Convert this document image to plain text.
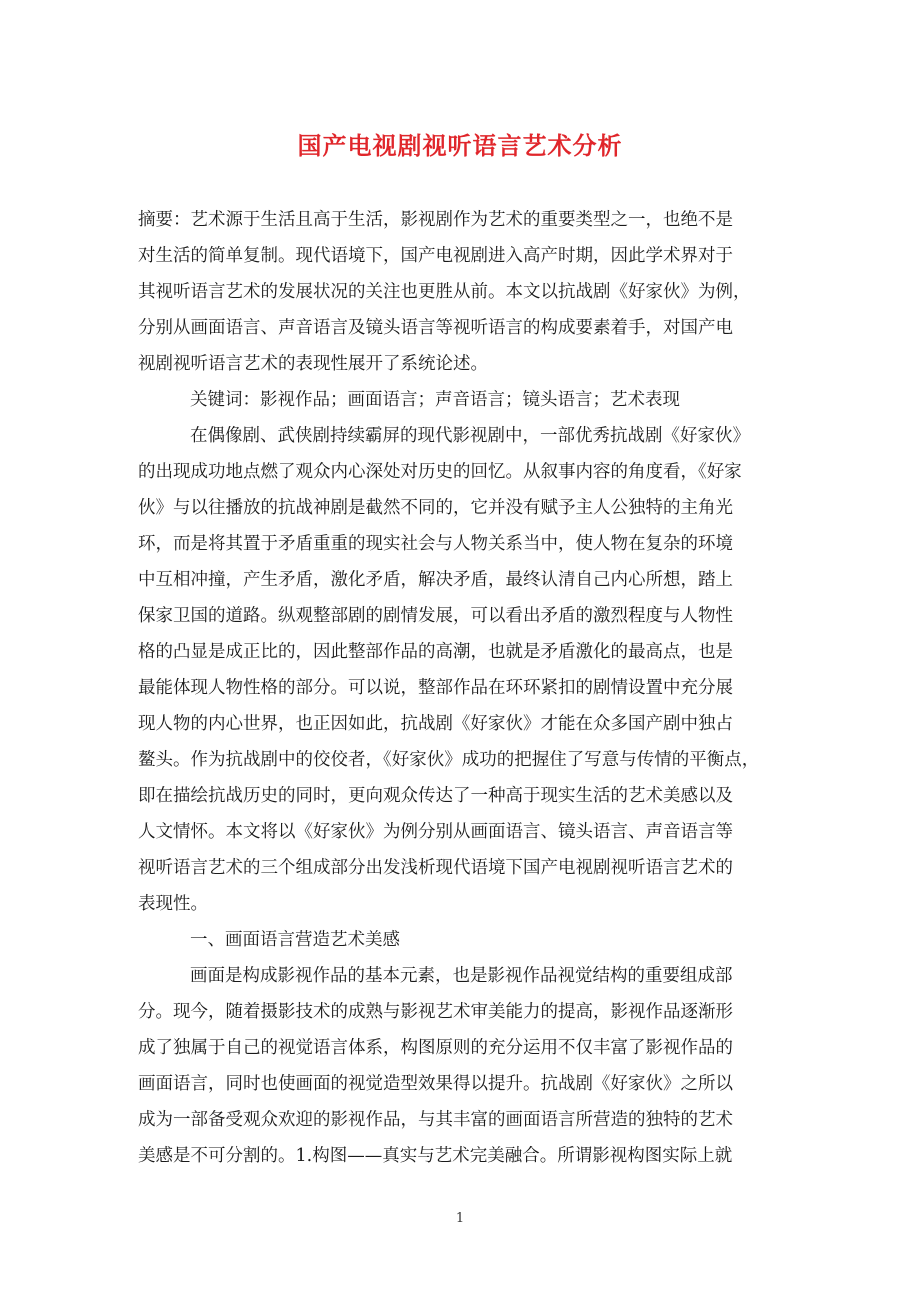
国产电视剧视听语言艺术分析
摘要：艺术源于生活且高于生活，影视剧作为艺术的重要类型之一，也绝不是
对生活的简单复制。现代语境下，国产电视剧进入高产时期，因此学术界对于
其视听语言艺术的发展状况的关注也更胜从前。本文以抗战剧《好家伙》为例，
分别从画面语言、声音语言及镜头语言等视听语言的构成要素着手，对国产电
视剧视听语言艺术的表现性展开了系统论述。
关键词：影视作品；画面语言；声音语言；镜头语言；艺术表现
在偶像剧、武侠剧持续霸屏的现代影视剧中，一部优秀抗战剧《好家伙》
的出现成功地点燃了观众内心深处对历史的回忆。从叙事内容的角度看，《好家
伙》与以往播放的抗战神剧是截然不同的，它并没有赋予主人公独特的主角光
环，而是将其置于矛盾重重的现实社会与人物关系当中，使人物在复杂的环境
中互相冲撞，产生矛盾，激化矛盾，解决矛盾，最终认清自己内心所想，踏上
保家卫国的道路。纵观整部剧的剧情发展，可以看出矛盾的激烈程度与人物性
格的凸显是成正比的，因此整部作品的高潮，也就是矛盾激化的最高点，也是
最能体现人物性格的部分。可以说，整部作品在环环紧扣的剧情设置中充分展
现人物的内心世界，也正因如此，抗战剧《好家伙》才能在众多国产剧中独占
鳌头。作为抗战剧中的佼佼者，《好家伙》成功的把握住了写意与传情的平衡点，
即在描绘抗战历史的同时，更向观众传达了一种高于现实生活的艺术美感以及
人文情怀。本文将以《好家伙》为例分别从画面语言、镜头语言、声音语言等
视听语言艺术的三个组成部分出发浅析现代语境下国产电视剧视听语言艺术的
表现性。
一、画面语言营造艺术美感
画面是构成影视作品的基本元素，也是影视作品视觉结构的重要组成部
分。现今，随着摄影技术的成熟与影视艺术审美能力的提高，影视作品逐渐形
成了独属于自己的视觉语言体系，构图原则的充分运用不仅丰富了影视作品的
画面语言，同时也使画面的视觉造型效果得以提升。抗战剧《好家伙》之所以
成为一部备受观众欢迎的影视作品，与其丰富的画面语言所营造的独特的艺术
美感是不可分割的。1.构图——真实与艺术完美融合。所谓影视构图实际上就
1
